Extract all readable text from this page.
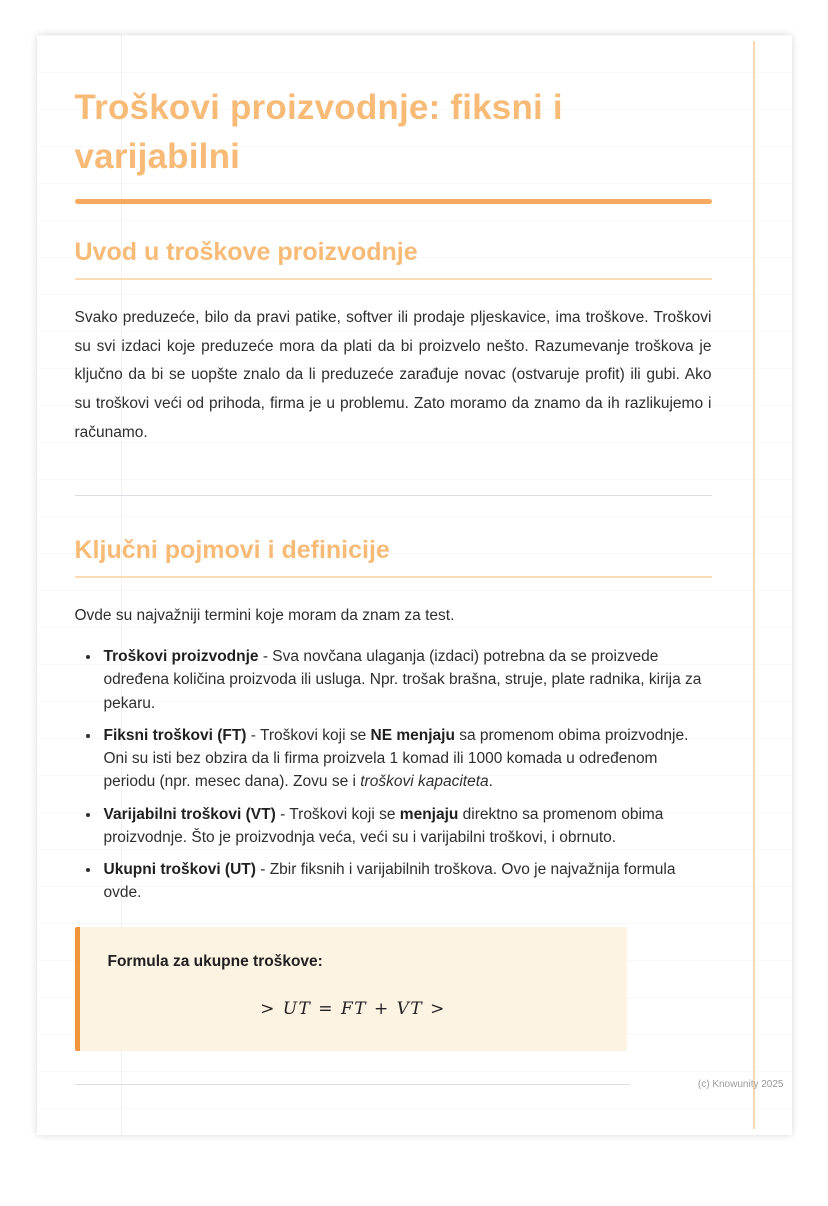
Troškovi proizvodnje: fiksni i varijabilni
Uvod u troškove proizvodnje

Svako preduzeće, bilo da pravi patike, softver ili prodaje pljeskavice, ima troškove. Troškovi su svi izdaci koje preduzeće mora da plati da bi proizvelo nešto. Razumevanje troškova je ključno da bi se uopšte znalo da li preduzeće zarađuje novac (ostvaruje profit) ili gubi. Ako su troškovi veći od prihoda, firma je u problemu. Zato moramo da znamo da ih razlikujemo i računamo.

Ključni pojmovi i definicije

Ovde su najvažniji termini koje moram da znam za test.

• Troškovi proizvodnje - Sva novčana ulaganja (izdaci) potrebna da se proizvede određena količina proizvoda ili usluga. Npr. trošak brašna, struje, plate radnika, kirija za pekaru.
• Fiksni troškovi (FT) - Troškovi koji se NE menjaju sa promenom obima proizvodnje. Oni su isti bez obzira da li firma proizvela 1 komad ili 1000 komada u određenom periodu (npr. mesec dana). Zovu se i troškovi kapaciteta.
• Varijabilni troškovi (VT) - Troškovi koji se menjaju direktno sa promenom obima proizvodnje. Što je proizvodnja veća, veći su i varijabilni troškovi, i obrnuto.
• Ukupni troškovi (UT) - Zbir fiksnih i varijabilnih troškova. Ovo je najvažnija formula ovde.

Formula za ukupne troškove:

> UT = FT + VT >

(c) Knowunity 2025
